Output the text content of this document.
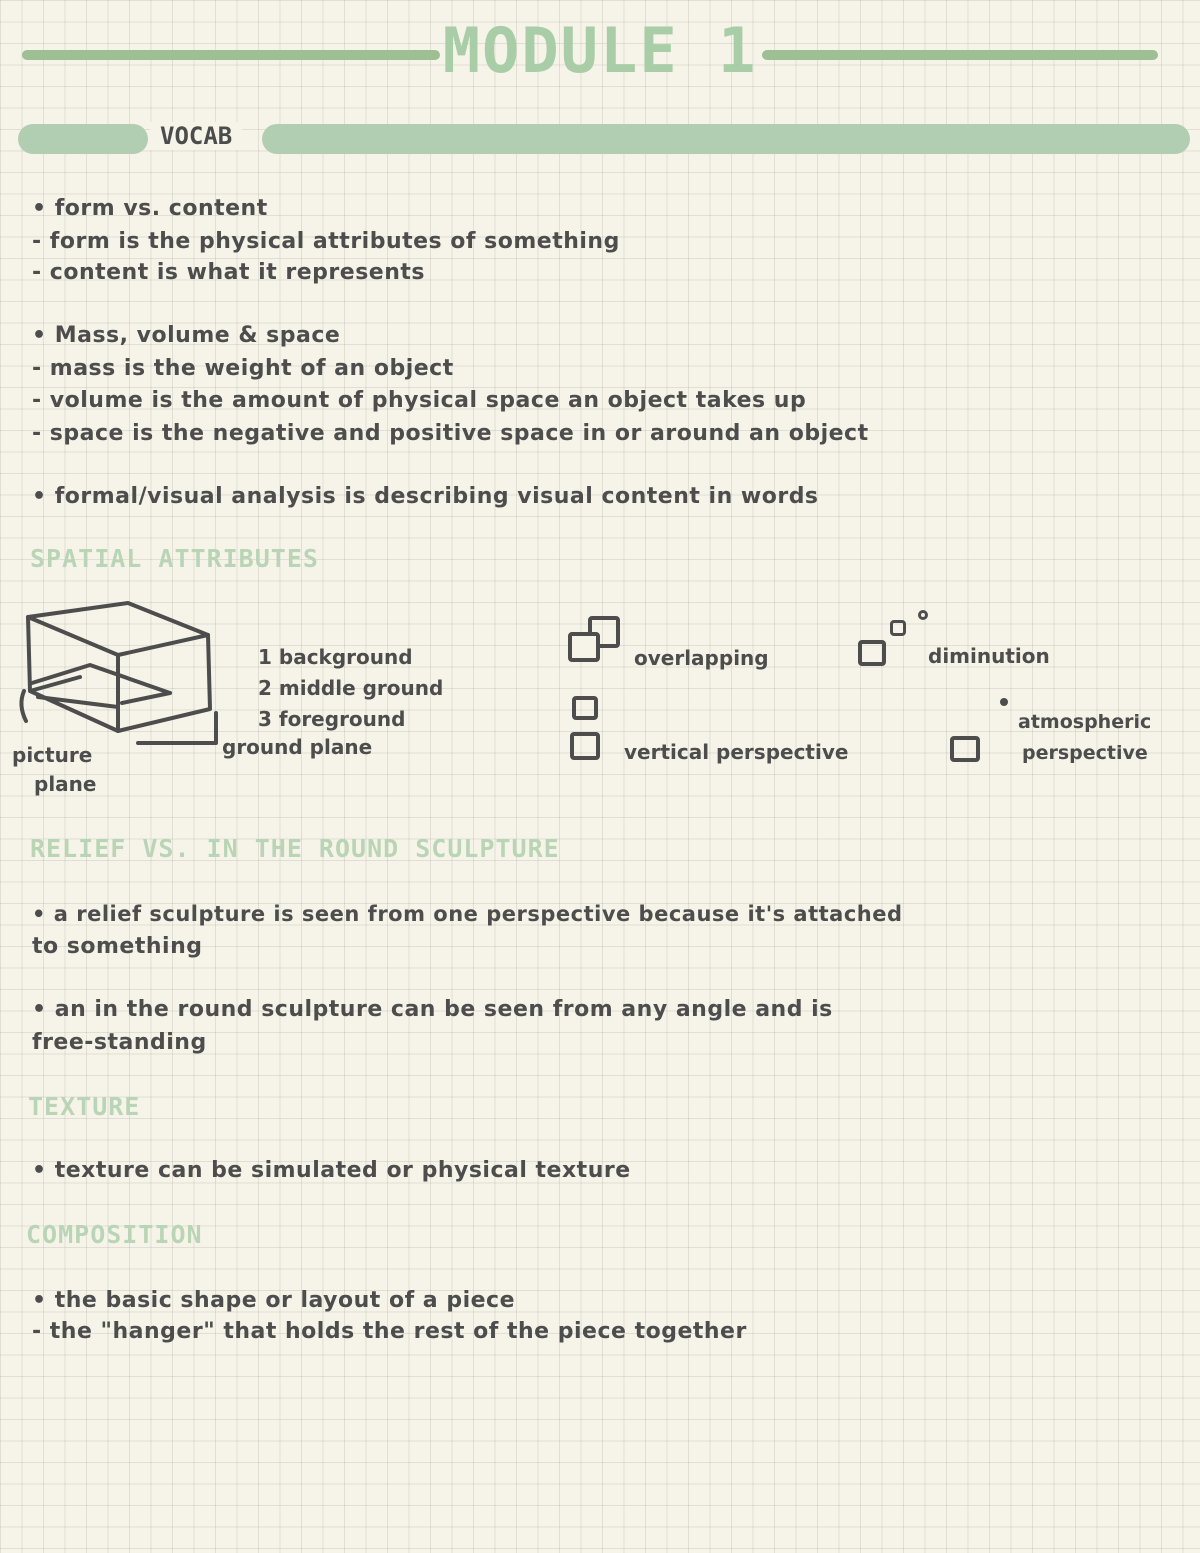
MODULE 1
VOCAB
• form vs. content
- form is the physical attributes of something
- content is what it represents
• Mass, volume & space
- mass is the weight of an object
- volume is the amount of physical space an object takes up
- space is the negative and positive space in or around an object
• formal/visual analysis is describing visual content in words
SPATIAL ATTRIBUTES
1 background
2 middle ground
3 foreground
ground plane
picture
plane
overlapping	diminution
vertical perspective
atmospheric
perspective
RELIEF VS. IN THE ROUND SCULPTURE
• a relief sculpture is seen from one perspective because it's attached
to something
• an in the round sculpture can be seen from any angle and is
free-standing
TEXTURE
• texture can be simulated or physical texture
COMPOSITION
• the basic shape or layout of a piece
- the "hanger" that holds the rest of the piece together
